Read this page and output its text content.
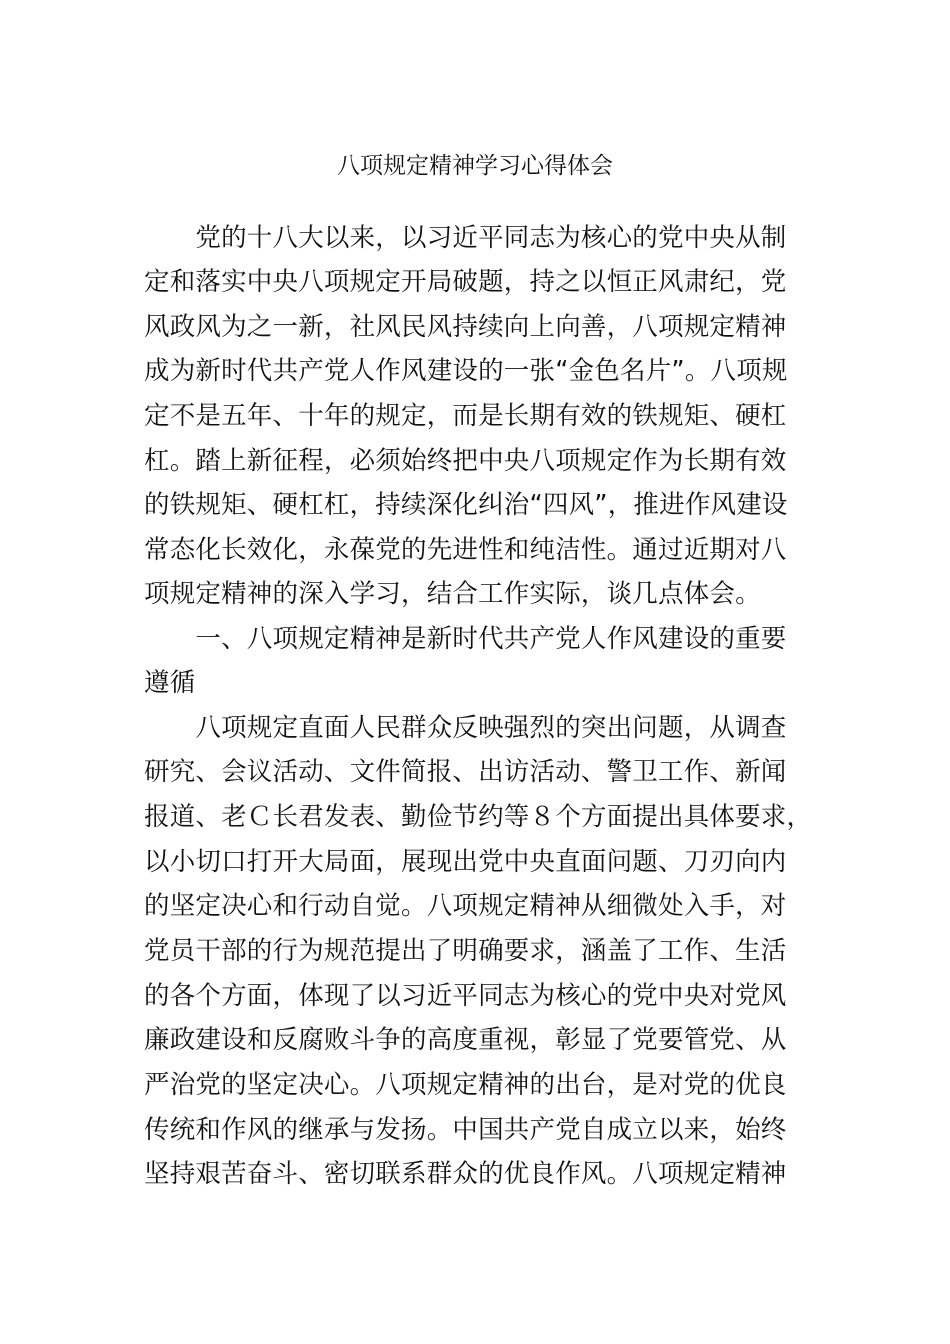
八项规定精神学习心得体会
　　党的十八大以来，以习近平同志为核心的党中央从制
定和落实中央八项规定开局破题，持之以恒正风肃纪，党
风政风为之一新，社风民风持续向上向善，八项规定精神
成为新时代共产党人作风建设的一张“金色名片”。八项规
定不是五年、十年的规定，而是长期有效的铁规矩、硬杠
杠。踏上新征程，必须始终把中央八项规定作为长期有效
的铁规矩、硬杠杠，持续深化纠治“四风”，推进作风建设
常态化长效化，永葆党的先进性和纯洁性。通过近期对八
项规定精神的深入学习，结合工作实际，谈几点体会。
　　一、八项规定精神是新时代共产党人作风建设的重要
遵循
　　八项规定直面人民群众反映强烈的突出问题，从调查
研究、会议活动、文件简报、出访活动、警卫工作、新闻
报道、老Ｃ长君发表、勤俭节约等８个方面提出具体要求，
以小切口打开大局面，展现出党中央直面问题、刀刃向内
的坚定决心和行动自觉。八项规定精神从细微处入手，对
党员干部的行为规范提出了明确要求，涵盖了工作、生活
的各个方面，体现了以习近平同志为核心的党中央对党风
廉政建设和反腐败斗争的高度重视，彰显了党要管党、从
严治党的坚定决心。八项规定精神的出台，是对党的优良
传统和作风的继承与发扬。中国共产党自成立以来，始终
坚持艰苦奋斗、密切联系群众的优良作风。八项规定精神
